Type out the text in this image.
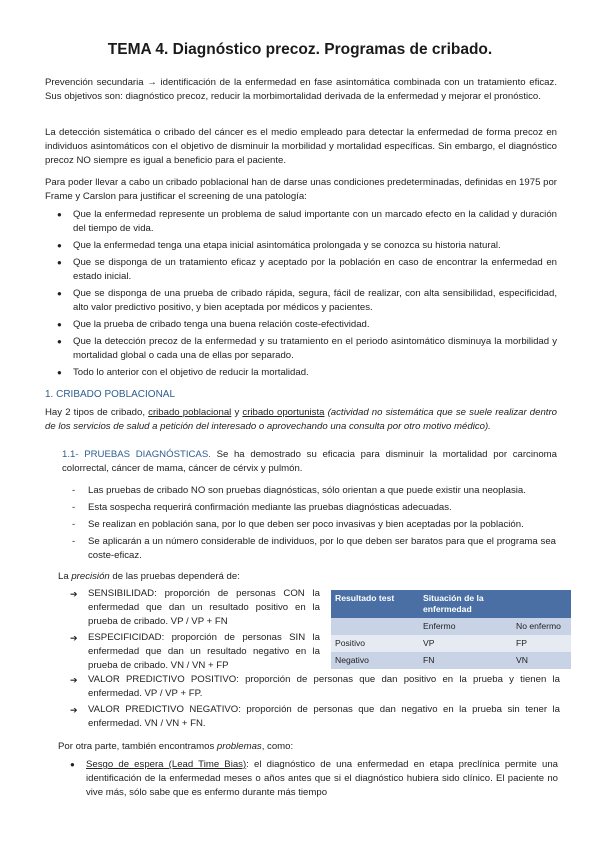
TEMA 4. Diagnóstico precoz. Programas de cribado.

Prevención secundaria → identificación de la enfermedad en fase asintomática combinada con un tratamiento eficaz. Sus objetivos son: diagnóstico precoz, reducir la morbimortalidad derivada de la enfermedad y mejorar el pronóstico.

La detección sistemática o cribado del cáncer es el medio empleado para detectar la enfermedad de forma precoz en individuos asintomáticos con el objetivo de disminuir la morbilidad y mortalidad específicas. Sin embargo, el diagnóstico precoz NO siempre es igual a beneficio para el paciente.

Para poder llevar a cabo un cribado poblacional han de darse unas condiciones predeterminadas, definidas en 1975 por Frame y Carslon para justificar el screening de una patología:

● Que la enfermedad represente un problema de salud importante con un marcado efecto en la calidad y duración del tiempo de vida.
● Que la enfermedad tenga una etapa inicial asintomática prolongada y se conozca su historia natural.
● Que se disponga de un tratamiento eficaz y aceptado por la población en caso de encontrar la enfermedad en estado inicial.
● Que se disponga de una prueba de cribado rápida, segura, fácil de realizar, con alta sensibilidad, especificidad, alto valor predictivo positivo, y bien aceptada por médicos y pacientes.
● Que la prueba de cribado tenga una buena relación coste-efectividad.
● Que la detección precoz de la enfermedad y su tratamiento en el periodo asintomático disminuya la morbilidad y mortalidad global o cada una de ellas por separado.
● Todo lo anterior con el objetivo de reducir la mortalidad.
1. CRIBADO POBLACIONAL

Hay 2 tipos de cribado, cribado poblacional y cribado oportunista (actividad no sistemática que se suele realizar dentro de los servicios de salud a petición del interesado o aprovechando una consulta por otro motivo médico).

1.1- PRUEBAS DIAGNÓSTICAS. Se ha demostrado su eficacia para disminuir la mortalidad por carcinoma colorrectal, cáncer de mama, cáncer de cérvix y pulmón.

- Las pruebas de cribado NO son pruebas diagnósticas, sólo orientan a que puede existir una neoplasia.
- Esta sospecha requerirá confirmación mediante las pruebas diagnósticas adecuadas.
- Se realizan en población sana, por lo que deben ser poco invasivas y bien aceptadas por la población.
- Se aplicarán a un número considerable de individuos, por lo que deben ser baratos para que el programa sea coste-eficaz.

La precisión de las pruebas dependerá de:

➔ SENSIBILIDAD: proporción de personas CON la enfermedad que dan un resultado positivo en la prueba de cribado. VP / VP + FN
➔ ESPECIFICIDAD: proporción de personas SIN la enfermedad que dan un resultado negativo en la prueba de cribado. VN / VN + FP
➔ VALOR PREDICTIVO POSITIVO: proporción de personas que dan positivo en la prueba y tienen la enfermedad. VP / VP + FP.
➔ VALOR PREDICTIVO NEGATIVO: proporción de personas que dan negativo en la prueba sin tener la enfermedad. VN / VN + FN.
Resultado test	Situación de la enfermedad	
	Enfermo	No enfermo
Positivo	VP	FP
Negativo	FN	VN

Por otra parte, también encontramos problemas, como:

● Sesgo de espera (Lead Time Bias): el diagnóstico de una enfermedad en etapa preclínica permite una identificación de la enfermedad meses o años antes que si el diagnóstico hubiera sido clínico. El paciente no vive más, sólo sabe que es enfermo durante más tiempo
